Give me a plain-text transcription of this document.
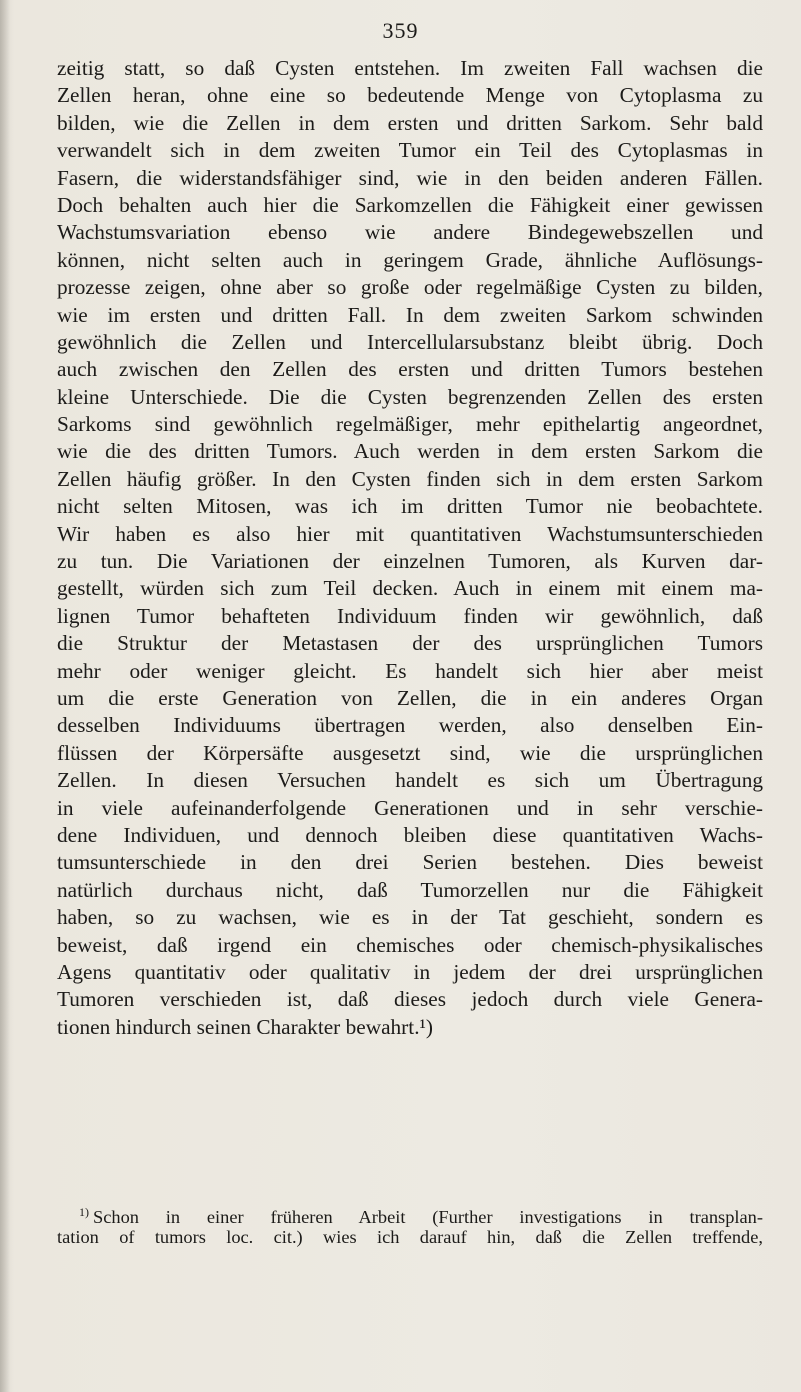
359
zeitig statt, so daß Cysten entstehen. Im zweiten Fall wachsen die
Zellen heran, ohne eine so bedeutende Menge von Cytoplasma zu
bilden, wie die Zellen in dem ersten und dritten Sarkom. Sehr bald
verwandelt sich in dem zweiten Tumor ein Teil des Cytoplasmas in
Fasern, die widerstandsfähiger sind, wie in den beiden anderen Fällen.
Doch behalten auch hier die Sarkomzellen die Fähigkeit einer gewissen
Wachstumsvariation ebenso wie andere Bindegewebszellen und
können, nicht selten auch in geringem Grade, ähnliche Auflösungs-
prozesse zeigen, ohne aber so große oder regelmäßige Cysten zu bilden,
wie im ersten und dritten Fall. In dem zweiten Sarkom schwinden
gewöhnlich die Zellen und Intercellularsubstanz bleibt übrig. Doch
auch zwischen den Zellen des ersten und dritten Tumors bestehen
kleine Unterschiede. Die die Cysten begrenzenden Zellen des ersten
Sarkoms sind gewöhnlich regelmäßiger, mehr epithelartig angeordnet,
wie die des dritten Tumors. Auch werden in dem ersten Sarkom die
Zellen häufig größer. In den Cysten finden sich in dem ersten Sarkom
nicht selten Mitosen, was ich im dritten Tumor nie beobachtete.
Wir haben es also hier mit quantitativen Wachstumsunterschieden
zu tun. Die Variationen der einzelnen Tumoren, als Kurven dar-
gestellt, würden sich zum Teil decken. Auch in einem mit einem ma-
lignen Tumor behafteten Individuum finden wir gewöhnlich, daß
die Struktur der Metastasen der des ursprünglichen Tumors
mehr oder weniger gleicht. Es handelt sich hier aber meist
um die erste Generation von Zellen, die in ein anderes Organ
desselben Individuums übertragen werden, also denselben Ein-
flüssen der Körpersäfte ausgesetzt sind, wie die ursprünglichen
Zellen. In diesen Versuchen handelt es sich um Übertragung
in viele aufeinanderfolgende Generationen und in sehr verschie-
dene Individuen, und dennoch bleiben diese quantitativen Wachs-
tumsunterschiede in den drei Serien bestehen. Dies beweist
natürlich durchaus nicht, daß Tumorzellen nur die Fähigkeit
haben, so zu wachsen, wie es in der Tat geschieht, sondern es
beweist, daß irgend ein chemisches oder chemisch-physikalisches
Agens quantitativ oder qualitativ in jedem der drei ursprünglichen
Tumoren verschieden ist, daß dieses jedoch durch viele Genera-
tionen hindurch seinen Charakter bewahrt.¹)
$^{1)}$ Schon in einer früheren Arbeit (Further investigations in transplan-
tation of tumors loc. cit.) wies ich darauf hin, daß die Zellen treffende,
